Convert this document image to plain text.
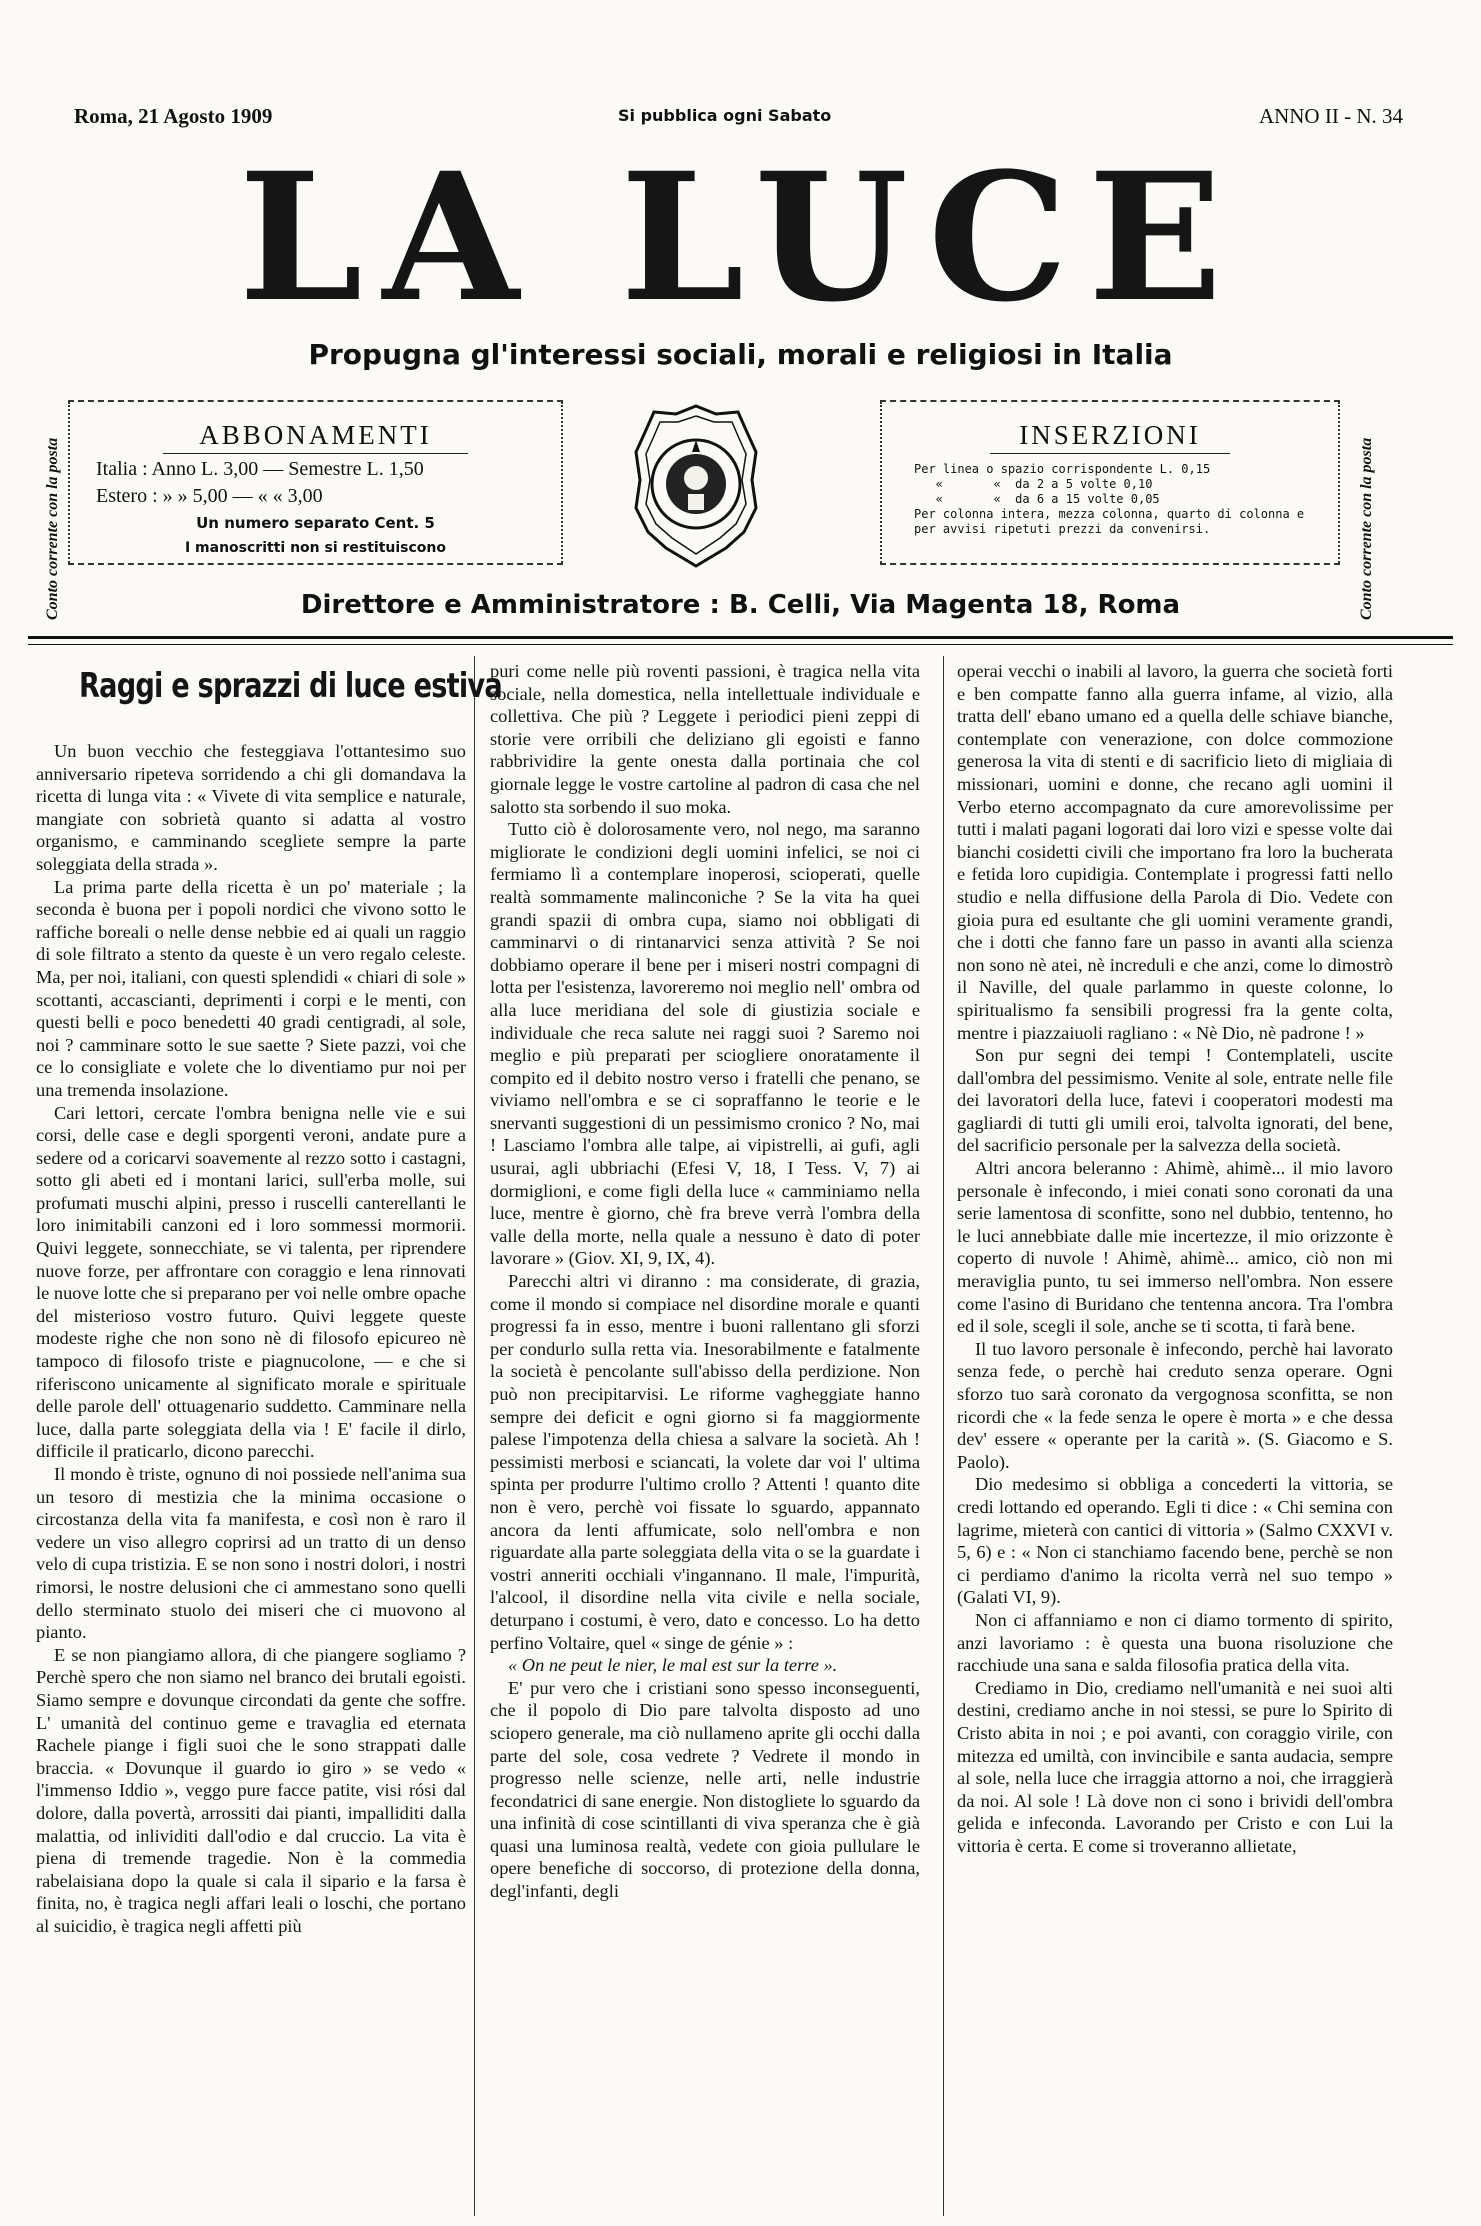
Roma, 21 Agosto 1909	Si pubblica ogni Sabato	ANNO II - N. 34
LA LUCE
Propugna gl'interessi sociali, morali e religiosi in Italia
Conto corrente con la posta	Conto corrente con la posta
ABBONAMENTI
Italia : Anno L. 3,00 — Semestre L. 1,50
Estero : » » 5,00 — « « 3,00
Un numero separato Cent. 5
I manoscritti non si restituiscono
INSERZIONI
Per linea o spazio corrispondente L. 0,15
«       «  da 2 a 5 volte 0,10
«       «  da 6 a 15 volte 0,05
Per colonna intera, mezza colonna, quarto di colonna e
per avvisi ripetuti prezzi da convenirsi.
Direttore e Amministratore : B. Celli, Via Magenta 18, Roma
Raggi e sprazzi di luce estiva

Un buon vecchio che festeggiava l'ottantesimo suo anniversario ripeteva sorridendo a chi gli domandava la ricetta di lunga vita : « Vivete di vita semplice e naturale, mangiate con sobrietà quanto si adatta al vostro organismo, e camminando scegliete sempre la parte soleggiata della strada ».

La prima parte della ricetta è un po' materiale ; la seconda è buona per i popoli nordici che vivono sotto le raffiche boreali o nelle dense nebbie ed ai quali un raggio di sole filtrato a stento da queste è un vero regalo celeste. Ma, per noi, italiani, con questi splendidi « chiari di sole » scottanti, accascianti, deprimenti i corpi e le menti, con questi belli e poco benedetti 40 gradi centigradi, al sole, noi ? camminare sotto le sue saette ? Siete pazzi, voi che ce lo consigliate e volete che lo diventiamo pur noi per una tremenda insolazione.

Cari lettori, cercate l'ombra benigna nelle vie e sui corsi, delle case e degli sporgenti veroni, andate pure a sedere od a coricarvi soavemente al rezzo sotto i castagni, sotto gli abeti ed i montani larici, sull'erba molle, sui profumati muschi alpini, presso i ruscelli canterellanti le loro inimitabili canzoni ed i loro sommessi mormorii. Quivi leggete, sonnecchiate, se vi talenta, per riprendere nuove forze, per affrontare con coraggio e lena rinnovati le nuove lotte che si preparano per voi nelle ombre opache del misterioso vostro futuro. Quivi leggete queste modeste righe che non sono nè di filosofo epicureo nè tampoco di filosofo triste e piagnucolone, — e che si riferiscono unicamente al significato morale e spirituale delle parole dell' ottuagenario suddetto. Camminare nella luce, dalla parte soleggiata della via ! E' facile il dirlo, difficile il praticarlo, dicono parecchi.

Il mondo è triste, ognuno di noi possiede nell'anima sua un tesoro di mestizia che la minima occasione o circostanza della vita fa manifesta, e così non è raro il vedere un viso allegro coprirsi ad un tratto di un denso velo di cupa tristizia. E se non sono i nostri dolori, i nostri rimorsi, le nostre delusioni che ci ammestano sono quelli dello sterminato stuolo dei miseri che ci muovono al pianto.

E se non piangiamo allora, di che piangere sogliamo ? Perchè spero che non siamo nel branco dei brutali egoisti. Siamo sempre e dovunque circondati da gente che soffre. L' umanità del continuo geme e travaglia ed eternata Rachele piange i figli suoi che le sono strappati dalle braccia. « Dovunque il guardo io giro » se vedo « l'immenso Iddio », veggo pure facce patite, visi rósi dal dolore, dalla povertà, arrossiti dai pianti, impalliditi dalla malattia, od inlividiti dall'odio e dal cruccio. La vita è piena di tremende tragedie. Non è la commedia rabelaisiana dopo la quale si cala il sipario e la farsa è finita, no, è tragica negli affari leali o loschi, che portano al suicidio, è tragica negli affetti più

puri come nelle più roventi passioni, è tragica nella vita sociale, nella domestica, nella intellettuale individuale e collettiva. Che più ? Leggete i periodici pieni zeppi di storie vere orribili che deliziano gli egoisti e fanno rabbrividire la gente onesta dalla portinaia che col giornale legge le vostre cartoline al padron di casa che nel salotto sta sorbendo il suo moka.

Tutto ciò è dolorosamente vero, nol nego, ma saranno migliorate le condizioni degli uomini infelici, se noi ci fermiamo lì a contemplare inoperosi, scioperati, quelle realtà sommamente malinconiche ? Se la vita ha quei grandi spazii di ombra cupa, siamo noi obbligati di camminarvi o di rintanarvici senza attività ? Se noi dobbiamo operare il bene per i miseri nostri compagni di lotta per l'esistenza, lavoreremo noi meglio nell' ombra od alla luce meridiana del sole di giustizia sociale e individuale che reca salute nei raggi suoi ? Saremo noi meglio e più preparati per sciogliere onoratamente il compito ed il debito nostro verso i fratelli che penano, se viviamo nell'ombra e se ci sopraffanno le teorie e le snervanti suggestioni di un pessimismo cronico ? No, mai ! Lasciamo l'ombra alle talpe, ai vipistrelli, ai gufi, agli usurai, agli ubbriachi (Efesi V, 18, I Tess. V, 7) ai dormiglioni, e come figli della luce « camminiamo nella luce, mentre è giorno, chè fra breve verrà l'ombra della valle della morte, nella quale a nessuno è dato di poter lavorare » (Giov. XI, 9, IX, 4).

Parecchi altri vi diranno : ma considerate, di grazia, come il mondo si compiace nel disordine morale e quanti progressi fa in esso, mentre i buoni rallentano gli sforzi per condurlo sulla retta via. Inesorabilmente e fatalmente la società è pencolante sull'abisso della perdizione. Non può non precipitarvisi. Le riforme vagheggiate hanno sempre dei deficit e ogni giorno si fa maggiormente palese l'impotenza della chiesa a salvare la società. Ah ! pessimisti merbosi e sciancati, la volete dar voi l' ultima spinta per produrre l'ultimo crollo ? Attenti ! quanto dite non è vero, perchè voi fissate lo sguardo, appannato ancora da lenti affumicate, solo nell'ombra e non riguardate alla parte soleggiata della vita o se la guardate i vostri anneriti occhiali v'ingannano. Il male, l'impurità, l'alcool, il disordine nella vita civile e nella sociale, deturpano i costumi, è vero, dato e concesso. Lo ha detto perfino Voltaire, quel « singe de génie » :

« On ne peut le nier, le mal est sur la terre ».

E' pur vero che i cristiani sono spesso inconseguenti, che il popolo di Dio pare talvolta disposto ad uno sciopero generale, ma ciò nullameno aprite gli occhi dalla parte del sole, cosa vedrete ? Vedrete il mondo in progresso nelle scienze, nelle arti, nelle industrie fecondatrici di sane energie. Non distogliete lo sguardo da una infinità di cose scintillanti di viva speranza che è già quasi una luminosa realtà, vedete con gioia pullulare le opere benefiche di soccorso, di protezione della donna, degl'infanti, degli

operai vecchi o inabili al lavoro, la guerra che società forti e ben compatte fanno alla guerra infame, al vizio, alla tratta dell' ebano umano ed a quella delle schiave bianche, contemplate con venerazione, con dolce commozione generosa la vita di stenti e di sacrificio lieto di migliaia di missionari, uomini e donne, che recano agli uomini il Verbo eterno accompagnato da cure amorevolissime per tutti i malati pagani logorati dai loro vizi e spesse volte dai bianchi cosidetti civili che importano fra loro la bucherata e fetida loro cupidigia. Contemplate i progressi fatti nello studio e nella diffusione della Parola di Dio. Vedete con gioia pura ed esultante che gli uomini veramente grandi, che i dotti che fanno fare un passo in avanti alla scienza non sono nè atei, nè increduli e che anzi, come lo dimostrò il Naville, del quale parlammo in queste colonne, lo spiritualismo fa sensibili progressi fra la gente colta, mentre i piazzaiuoli ragliano : « Nè Dio, nè padrone ! »

Son pur segni dei tempi ! Contemplateli, uscite dall'ombra del pessimismo. Venite al sole, entrate nelle file dei lavoratori della luce, fatevi i cooperatori modesti ma gagliardi di tutti gli umili eroi, talvolta ignorati, del bene, del sacrificio personale per la salvezza della società.

Altri ancora beleranno : Ahimè, ahimè... il mio lavoro personale è infecondo, i miei conati sono coronati da una serie lamentosa di sconfitte, sono nel dubbio, tentenno, ho le luci annebbiate dalle mie incertezze, il mio orizzonte è coperto di nuvole ! Ahimè, ahimè... amico, ciò non mi meraviglia punto, tu sei immerso nell'ombra. Non essere come l'asino di Buridano che tentenna ancora. Tra l'ombra ed il sole, scegli il sole, anche se ti scotta, ti farà bene.

Il tuo lavoro personale è infecondo, perchè hai lavorato senza fede, o perchè hai creduto senza operare. Ogni sforzo tuo sarà coronato da vergognosa sconfitta, se non ricordi che « la fede senza le opere è morta » e che dessa dev' essere « operante per la carità ». (S. Giacomo e S. Paolo).

Dio medesimo si obbliga a concederti la vittoria, se credi lottando ed operando. Egli ti dice : « Chi semina con lagrime, mieterà con cantici di vittoria » (Salmo CXXVI v. 5, 6) e : « Non ci stanchiamo facendo bene, perchè se non ci perdiamo d'animo la ricolta verrà nel suo tempo » (Galati VI, 9).

Non ci affanniamo e non ci diamo tormento di spirito, anzi lavoriamo : è questa una buona risoluzione che racchiude una sana e salda filosofia pratica della vita.

Crediamo in Dio, crediamo nell'umanità e nei suoi alti destini, crediamo anche in noi stessi, se pure lo Spirito di Cristo abita in noi ; e poi avanti, con coraggio virile, con mitezza ed umiltà, con invincibile e santa audacia, sempre al sole, nella luce che irraggia attorno a noi, che irraggierà da noi. Al sole ! Là dove non ci sono i brividi dell'ombra gelida e infeconda. Lavorando per Cristo e con Lui la vittoria è certa. E come si troveranno allietate,
